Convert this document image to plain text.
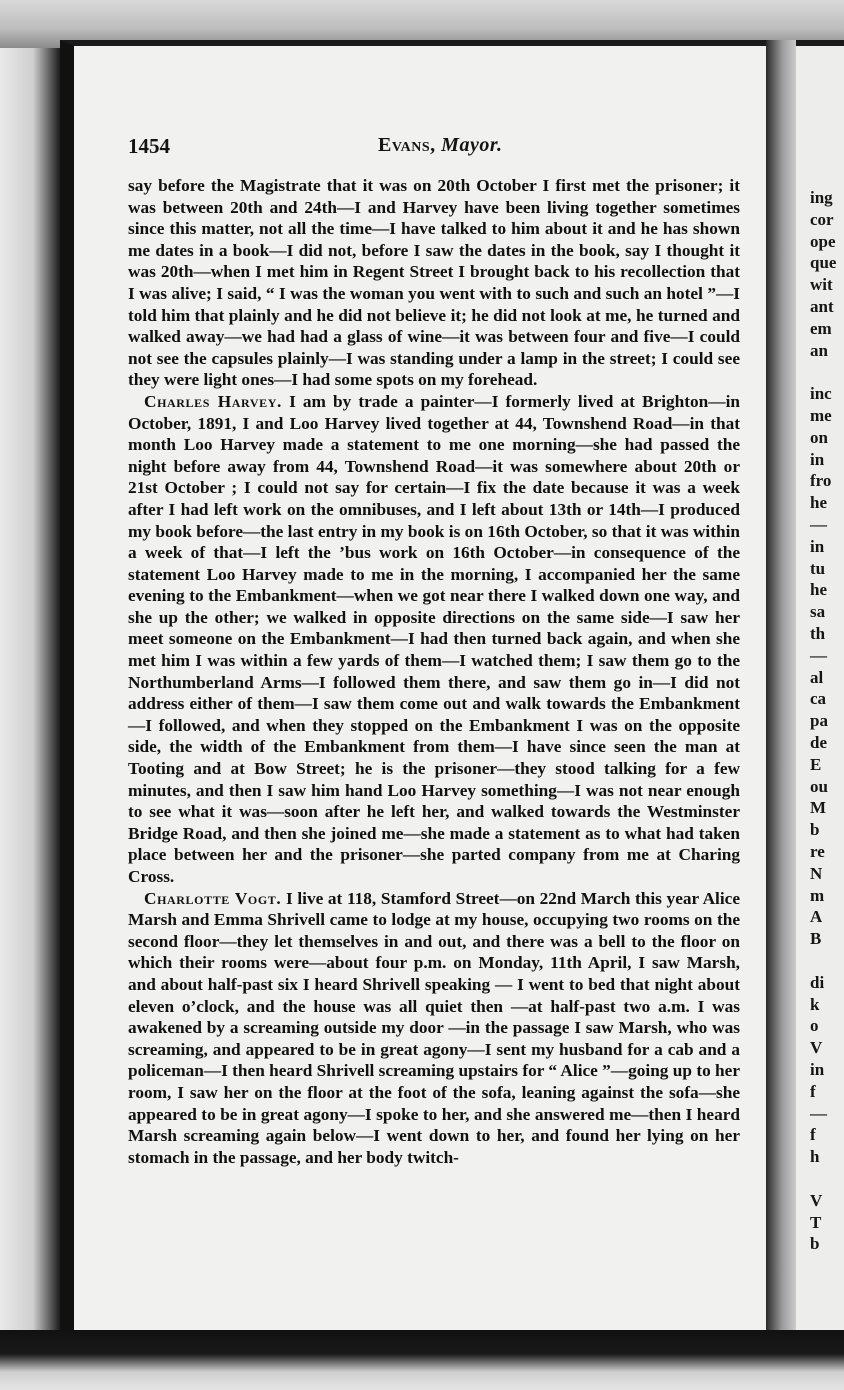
1454	Evans, Mayor.

say before the Magistrate that it was on 20th October I first met the prisoner; it was between 20th and 24th—I and Harvey have been living together sometimes since this matter, not all the time—I have talked to him about it and he has shown me dates in a book—I did not, before I saw the dates in the book, say I thought it was 20th—when I met him in Regent Street I brought back to his recollection that I was alive; I said, “ I was the woman you went with to such and such an hotel ”—I told him that plainly and he did not believe it; he did not look at me, he turned and walked away—we had had a glass of wine—it was between four and five—I could not see the capsules plainly—I was standing under a lamp in the street; I could see they were light ones—I had some spots on my forehead.

Charles Harvey. I am by trade a painter—I formerly lived at Brighton—in October, 1891, I and Loo Harvey lived together at 44, Townshend Road—in that month Loo Harvey made a statement to me one morning—she had passed the night before away from 44, Townshend Road—it was somewhere about 20th or 21st October ; I could not say for certain—I fix the date because it was a week after I had left work on the omnibuses, and I left about 13th or 14th—I produced my book before—the last entry in my book is on 16th October, so that it was within a week of that—I left the ’bus work on 16th October—in consequence of the statement Loo Harvey made to me in the morning, I accompanied her the same evening to the Embankment—when we got near there I walked down one way, and she up the other; we walked in opposite directions on the same side—I saw her meet someone on the Embankment—I had then turned back again, and when she met him I was within a few yards of them—I watched them; I saw them go to the Northumberland Arms—I followed them there, and saw them go in—I did not address either of them—I saw them come out and walk towards the Embankment—I followed, and when they stopped on the Embankment I was on the opposite side, the width of the Embankment from them—I have since seen the man at Tooting and at Bow Street; he is the prisoner—they stood talking for a few minutes, and then I saw him hand Loo Harvey something—I was not near enough to see what it was—soon after he left her, and walked towards the Westminster Bridge Road, and then she joined me—she made a statement as to what had taken place between her and the prisoner—she parted company from me at Charing Cross.

Charlotte Vogt. I live at 118, Stamford Street—on 22nd March this year Alice Marsh and Emma Shrivell came to lodge at my house, occupying two rooms on the second floor—they let themselves in and out, and there was a bell to the floor on which their rooms were—about four p.m. on Monday, 11th April, I saw Marsh, and about half-past six I heard Shrivell speaking — I went to bed that night about eleven o’clock, and the house was all quiet then —at half-past two a.m. I was awakened by a screaming outside my door —in the passage I saw Marsh, who was screaming, and appeared to be in great agony—I sent my husband for a cab and a policeman—I then heard Shrivell screaming upstairs for “ Alice ”—going up to her room, I saw her on the floor at the foot of the sofa, leaning against the sofa—she appeared to be in great agony—I spoke to her, and she answered me—then I heard Marsh screaming again below—I went down to her, and found her lying on her stomach in the passage, and her body twitch-

ing
cor
ope
que
wit
ant
em
an
inc
me
on
in
fro
he
—
in
tu
he
sa
th
—
al
ca
pa
de
E
ou
M
b
re
N
m
A
B
di
k
o
V
in
f
—
f
h
V
T
b
